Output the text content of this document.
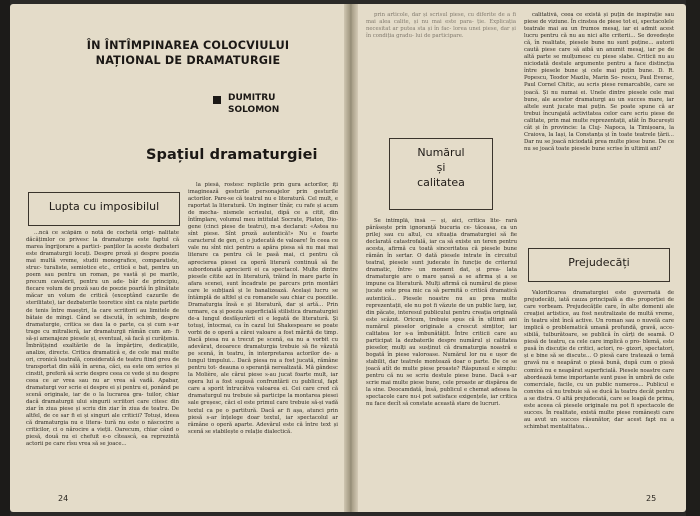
ÎN ÎNTÎMPINAREA COLOCVIULUI NAȚIONAL DE DRAMATURGIE
DUMITRU
SOLOMON
Spațiul dramaturgiei
Lupta cu imposibilul

...ncă ce scăpăm o notă de cochetă origi- nalitate dăcățimlor ce privesc la dramaturge este faptul că marea îngrijorare a partici- panților la aceste dezbateri este dramaturgii locuți. Despre proză și despre poezia mai multă vreme, studii monografice, comparatiste, struc- turaliste, semiotice etc., critică e bat, pentru un poem sau pentru un roman, pe vastă și pe marile, precum cavalerii, pentru un ade- băr de principiu, fiecare volum de proză sau de poezie poartă în plinătate măcar un volum de critică (exceptând cazurile de sterilitate), iar dezbaterile teoretice sînt ca niște partide de tenis între maeștri, la care scriitorii au limitele de bătaie de mingi. Când se discută, în schimb, despre dramaturgie, critica se dau la o parte, ca și cum s-ar trage cu mitralieră, iar dramaturgii rămân cum am- fi să-și amenajeze piesele și, eventual, să facă și curățenia. Îmbrățișind exaltările de la împărțire, dedicațiile, analize, directe. Critica dramatică e, de cele mai multe ori, cronică teatrală, considerată de teatru fiind greu de transportat din sălă în arena, căci, ea este om serios și cinstit, preferă să scrie despre ceea ce vede și nu despre ceea ce ar vrea sau nu ar vrea să vadă. Apabar, dramaturgi vor scrie ei despre ei și pentru ei, ponând pe scenă originale, iar de o la lucrarea gra- tuilor, chiar dacă dramaturgii ului singurii scriitori care citesc din ziar în ziua piese și scriu din ziar în ziua de teatru. De altfel, de ce sar fi ei și singuri ale criticii? Totuși, ideea că dramaturgia nu e litera- tură nu este o născocire a criticilor, ci o nărocire a vieții. Oarecum, chiar când o piesă, două nu ei chefuit e-o cîteascâ, ea reprezintă actorii pe care rîsu vrea să se joace...

la piesă, rostesc replicile prin gura actorilor, iți imaginează gesturile personajelor prin gesturile actorilor. Pare-se că teatrul nu e literatură. Cel mult, e raportat la literatură. Un inginer tînăr, cu rafe și acum de mecha- nismele scrisului, dipă ce a citit, din întîmplare, volumul meu intitulat Socrate, Platon, Dio- gene (cinci piese de teatru), m-a declarat: «Astea nu sînt piese. Sînt proză autentică!» Nu e foarte caracterul de gen, ci o judecată de valoare! În ceea ce vale nu sînt nici pentru a apăra piesa să nu mai mai literare ca pentru că le pasă mai, ci pentru că aprecierea piesei ca operă literară continuă să fie subordonată aprecierii ei ca spectacol. Multe dintre piesele citite azi în literatură, trăind în mare parte în afara scenei, sunt încadrate pe parcurs prin montări care le subțiază și le banalizează. Același lucru se întâmplă de altfel și cu romanele sau chiar cu poeziile. Dramaturgia însă e și literatură, dar și artă... Prin urmare, ca și poezia superficială stilistica dramaturgiei de-a lungul desfășurării ei e legată de literatură. Și totuși, întocmai, ca în cazul lui Shakespeare se poate vorbi de o operă a cărei valoare a fost mărită de timp. Dacă piesa nu a trecut pe scenă, ea nu a vorbit cu adevărat, deoarece dramaturgia trebuie să fie văzută pe scenă, în teatru, în interpretarea actorilor de- a lungul timpului... Dacă piesa nu a fost jucată, rămâne pentru tot- deauna o speranță nerealizată. Mă gândesc la Molière, ale cărui piese s-au jucat foarte mult, iar opera lui a fost supusă confruntării cu publicul, fapt care a sporit întrucâtva valoarea ei. Cei care cred că dramaturgul nu trebuie să participe la montarea piesei sale greșesc, căci el este primul care trebuie să-și vadă textul ca pe o partitură. Dacă ar fi așa, atunci prin piesă s-ar înțelege doar textul, iar spectacolul ar rămâne o operă aparte. Adevărul este că între text și scenă se stabilește o relație dialectică.

24

prin articole, dar și scrisul piese, cu diferite de a fi mai alea calite, și nu mai este para- ție. Explicația necesitat ar putea sta și în fac- lorea unei piese, dar și în condiția gradu- lui de participare.

Numărul
și
calitatea

Se intîmplă, însă — și, aici, critica lite- rară părăsește prin ignoranță bucuria ce- tăceasa, ca un prilej sau cu altul, cu situația dramaturgiei să fie declarată catastrofală, iar ca să existe un teren pentru acesta, afirmă cu toată sinceritatea că piesele bune rămân în sertar. O dată piesele intrate în circuitul teatral, piesele sunt judecate în funcție de criteriul dramatic, între- un moment dat, și prea- lata dramaturgie are o mare șansă a se afirma și a se impune ca literatură. Mulți afirmă că numărul de piese jucate este prea mic ca să permită o critică dramatică autentică... Piesele noastre nu au prea multe reprezentații, ele nu pot fi văzute de un public larg, iar, din păcate, interesul publicului pentru creația originală este scăzut. Oricum, trebuie spus că în ultimii ani numărul pieselor originale a crescut simțitor, iar calitatea lor s-a îmbunătățit. Între criticii care au participat la dezbaterile despre numărul și calitatea pieselor, mulți au susținut că dramaturgia noastră e bogată în piese valoroase. Numărul lor nu e ușor de stabilit, dar teatrele montează doar o parte. De ce se joacă atît de multe piese proaste? Răspunsul e simplu: pentru că nu se scriu destule piese bune. Dacă s-ar scrie mai multe piese bune, cele proaste ar dispărea de la sine. Deocamdată, însă, publicul e chemat adesea la spectacole care nu-i pot satisface exigențele, iar critica nu face decît să constate această stare de lucruri.

calitativă, ceea ce există și puțin de inspirație sau piese de viziune. În cinstea de piese tot ei, spectacolele teatrale mai au un frumos mesaj, iar ei admit acest lucru pentru că nu au nici alte criterii... Se dovedește că, în realitate, piesele bune nu sunt puține... autorii caută piese care să aibă un anumit mesaj, iar pe de altă parte se mulțumesc cu piese slabe. Criticii nu au niciodată destule argumente pentru a face distincția între piesele bune și cele mai puțin bune. D. R. Popescu, Teodor Mazilu, Marin So- rescu, Paul Everac, Paul Cornel Chitic, au scris piese remarcabile, care se joacă. Și nu numai ei. Unele dintre piesele cele mai bune, ale acestor dramaturgi au un succes mare, iar altele sunt jucate mai puțin. Se poate spune că ar trebui încurajată activitatea celor care scriu piese de calitate, prin mai multe reprezentații, atât în București cât și în provincie: la Cluj- Napoca, la Timișoara, la Craiova, la Iași, la Constanța și în toate teatrele țării... Dar nu se joacă niciodată prea multe piese bune. De ce nu se joacă toate piesele bune scrise în ultimii ani?

Prejudecăți

Valorificarea dramaturgiei este guvernată de prejudecăți, iată cauza principală a dis- proporției de care vorbeam. Prejudecățile care, în alte domenii ale creației artistice, au fost neutralizate de multă vreme, în teatru sînt încă active. Un roman sau o nuvelă care implică o problematică umană profundă, gravă, acce- sibilă, tulburătoare, se publică în cărți de seamă. O piesă de teatru, ca cele care implică o pro- blemă, este pusă în discuție de critici, actori, re- gizori, spectatori, și e bine să se discute... O piesă care tratează o temă gravă nu e neapărat o piesă bună, după cum o piesă comică nu e neapărat superficială. Piesele noastre care abordează teme importante sunt puse în umbră de cele comerciale, facile, cu un public numeros... Publicul e convins că nu trebuie să se ducă la teatru decât pentru a se distra. O altă prejudecată, care se leagă de prima, este aceea că piesele originale nu pot fi spectacole de succes. În realitate, există multe piese românești care au avut un succes răsunător, dar acest fapt nu a schimbat mentalitatea...

25
